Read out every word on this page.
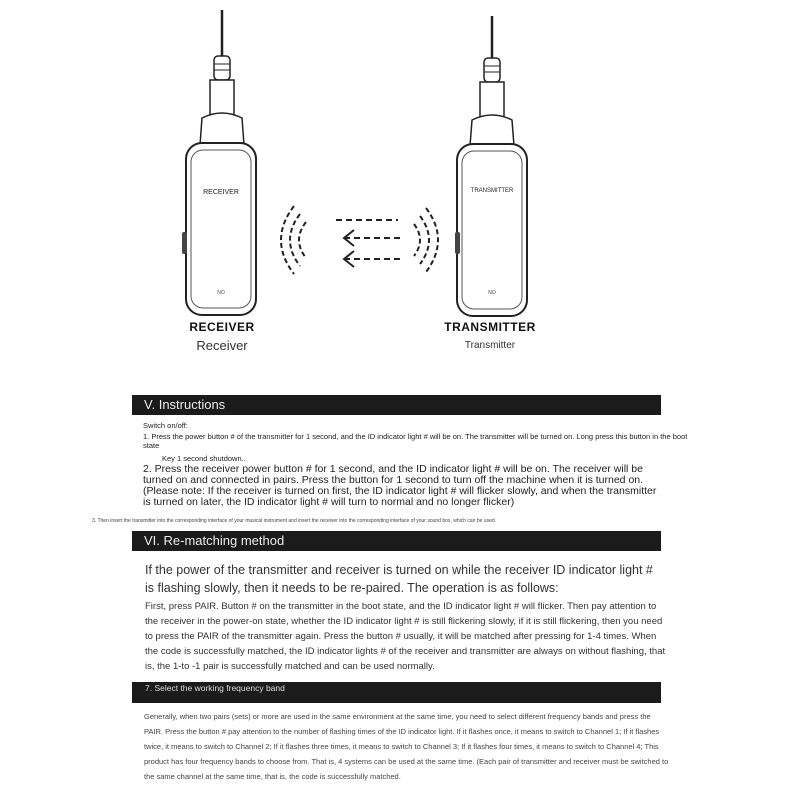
RECEIVER
NO
TRANSMITTER
NO
RECEIVER
Receiver
TRANSMITTER
Transmitter
V. Instructions
Switch on/off:
1. Press the power button # of the transmitter for 1 second, and the ID indicator light # will be on. The transmitter will be turned on. Long press this button in the boot state
Key 1 second shutdown..
2. Press the receiver power button # for 1 second, and the ID indicator light # will be on. The receiver will be turned on and connected in pairs. Press the button for 1 second to turn off the machine when it is turned on. (Please note: If the receiver is turned on first, the ID indicator light # will flicker slowly, and when the transmitter is turned on later, the ID indicator light # will turn to normal and no longer flicker)
3. Then insert the transmitter into the corresponding interface of your musical instrument and insert the receiver into the corresponding interface of your sound box, which can be used.
VI. Re-matching method
If the power of the transmitter and receiver is turned on while the receiver ID indicator light # is flashing slowly, then it needs to be re-paired. The operation is as follows:
First, press PAIR. Button # on the transmitter in the boot state, and the ID indicator light # will flicker. Then pay attention to the receiver in the power-on state, whether the ID indicator light # is still flickering slowly, if it is still flickering, then you need to press the PAIR of the transmitter again. Press the button # usually, it will be matched after pressing for 1-4 times. When the code is successfully matched, the ID indicator lights # of the receiver and transmitter are always on without flashing, that is, the 1-to -1 pair is successfully matched and can be used normally.
7. Select the working frequency band
Generally, when two pairs (sets) or more are used in the same environment at the same time, you need to select different frequency bands and press the PAIR. Press the button # pay attention to the number of flashing times of the ID indicator light. If it flashes once, it means to switch to Channel 1; If it flashes twice, it means to switch to Channel 2; If it flashes three times, it means to switch to Channel 3; If it flashes four times, it means to switch to Channel 4; This product has four frequency bands to choose from. That is, 4 systems can be used at the same time. (Each pair of transmitter and receiver must be switched to the same channel at the same time, that is, the code is successfully matched.
